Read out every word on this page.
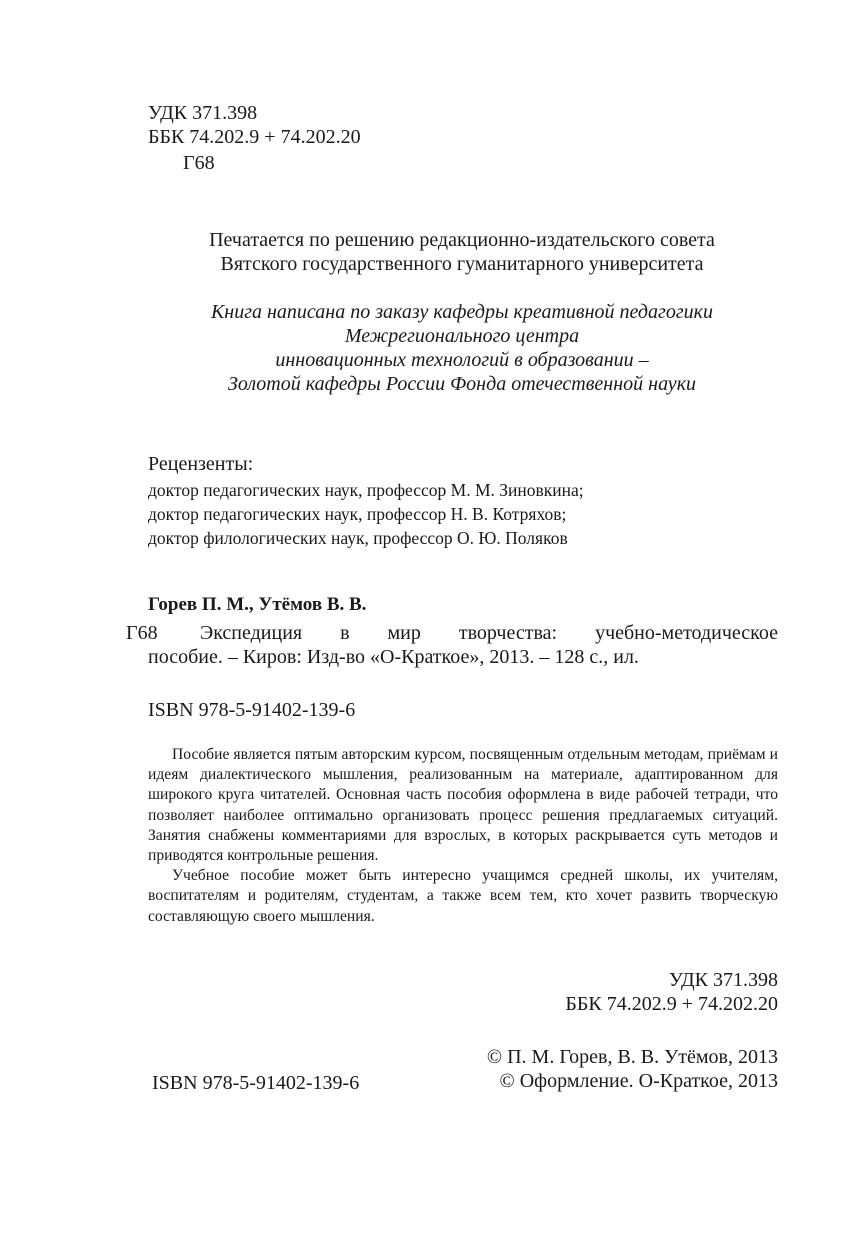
УДК 371.398
ББК 74.202.9 + 74.202.20
Г68
Печатается по решению редакционно-издательского совета
Вятского государственного гуманитарного университета
Книга написана по заказу кафедры креативной педагогики
Межрегионального центра
инновационных технологий в образовании –
Золотой кафедры России Фонда отечественной науки
Рецензенты:
доктор педагогических наук, профессор М. М. Зиновкина;
доктор педагогических наук, профессор Н. В. Котряхов;
доктор филологических наук, профессор О. Ю. Поляков
Горев П. М., Утёмов В. В.
Г68 Экспедиция в мир творчества: учебно-методическое
пособие. – Киров: Изд-во «О-Краткое», 2013. – 128 с., ил.
ISBN 978-5-91402-139-6

Пособие является пятым авторским курсом, посвященным отдельным методам, приёмам и идеям диалектического мышления, реализованным на материале, адаптированном для широкого круга читателей. Основная часть пособия оформлена в виде рабочей тетради, что позволяет наиболее оптимально организовать процесс решения предлагаемых ситуаций. Занятия снабжены комментариями для взрослых, в которых раскрывается суть методов и приводятся контрольные решения.

Учебное пособие может быть интересно учащимся средней школы, их учителям, воспитателям и родителям, студентам, а также всем тем, кто хочет развить творческую составляющую своего мышления.

УДК 371.398
ББК 74.202.9 + 74.202.20
ISBN 978-5-91402-139-6
© П. М. Горев, В. В. Утёмов, 2013
© Оформление. О-Краткое, 2013
